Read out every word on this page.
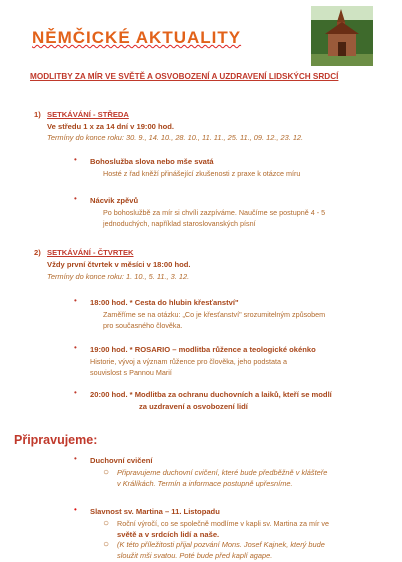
NĚMČICKÉ AKTUALITY
MODLITBY ZA MÍR VE SVĚTĚ A OSVOBOZENÍ A UZDRAVENÍ LIDSKÝCH SRDCÍ
1) SETKÁVÁNÍ - STŘEDA
Ve středu 1 x za 14 dní v 19:00 hod.
Termíny do konce roku: 30. 9., 14. 10., 28. 10., 11. 11., 25. 11., 09. 12., 23. 12.
• Bohoslužba slova nebo mše svatá
Hosté z řad kněží přinášející zkušenosti z praxe k otázce míru
• Nácvik zpěvů
Po bohoslužbě za mír si chvíli zazpíváme. Naučíme se postupně 4 - 5
jednoduchých, například staroslovanských písní
2) SETKÁVÁNÍ - ČTVRTEK
Vždy první čtvrtek v měsíci v 18:00 hod.
Termíny do konce roku: 1. 10., 5. 11., 3. 12.
• 18:00 hod. * Cesta do hlubin křesťanství"
Zaměříme se na otázku: „Co je křesťanství" srozumitelným způsobem
pro současného člověka.
• 19:00 hod. * ROSARIO – modlitba růžence a teologické okénko
Historie, vývoj a význam růžence pro člověka, jeho podstata a
souvislost s Pannou Marií
• 20:00 hod. * Modlitba za ochranu duchovních a laiků, kteří se modlí
za uzdravení a osvobození lidí
Připravujeme:
• Duchovní cvičení
○ Připravujeme duchovní cvičení, které bude předběžně v klášteře
v Králíkách. Termín a informace postupně upřesníme.
• Slavnost sv. Martina – 11. Listopadu
○ Roční výročí, co se společně modlíme v kapli sv. Martina za mír ve
světě a v srdcích lidí a naše.
○ (K této příležitosti přijal pozvání Mons. Josef Kajnek, který bude
sloužit mši svatou. Poté bude před kaplí agape.
